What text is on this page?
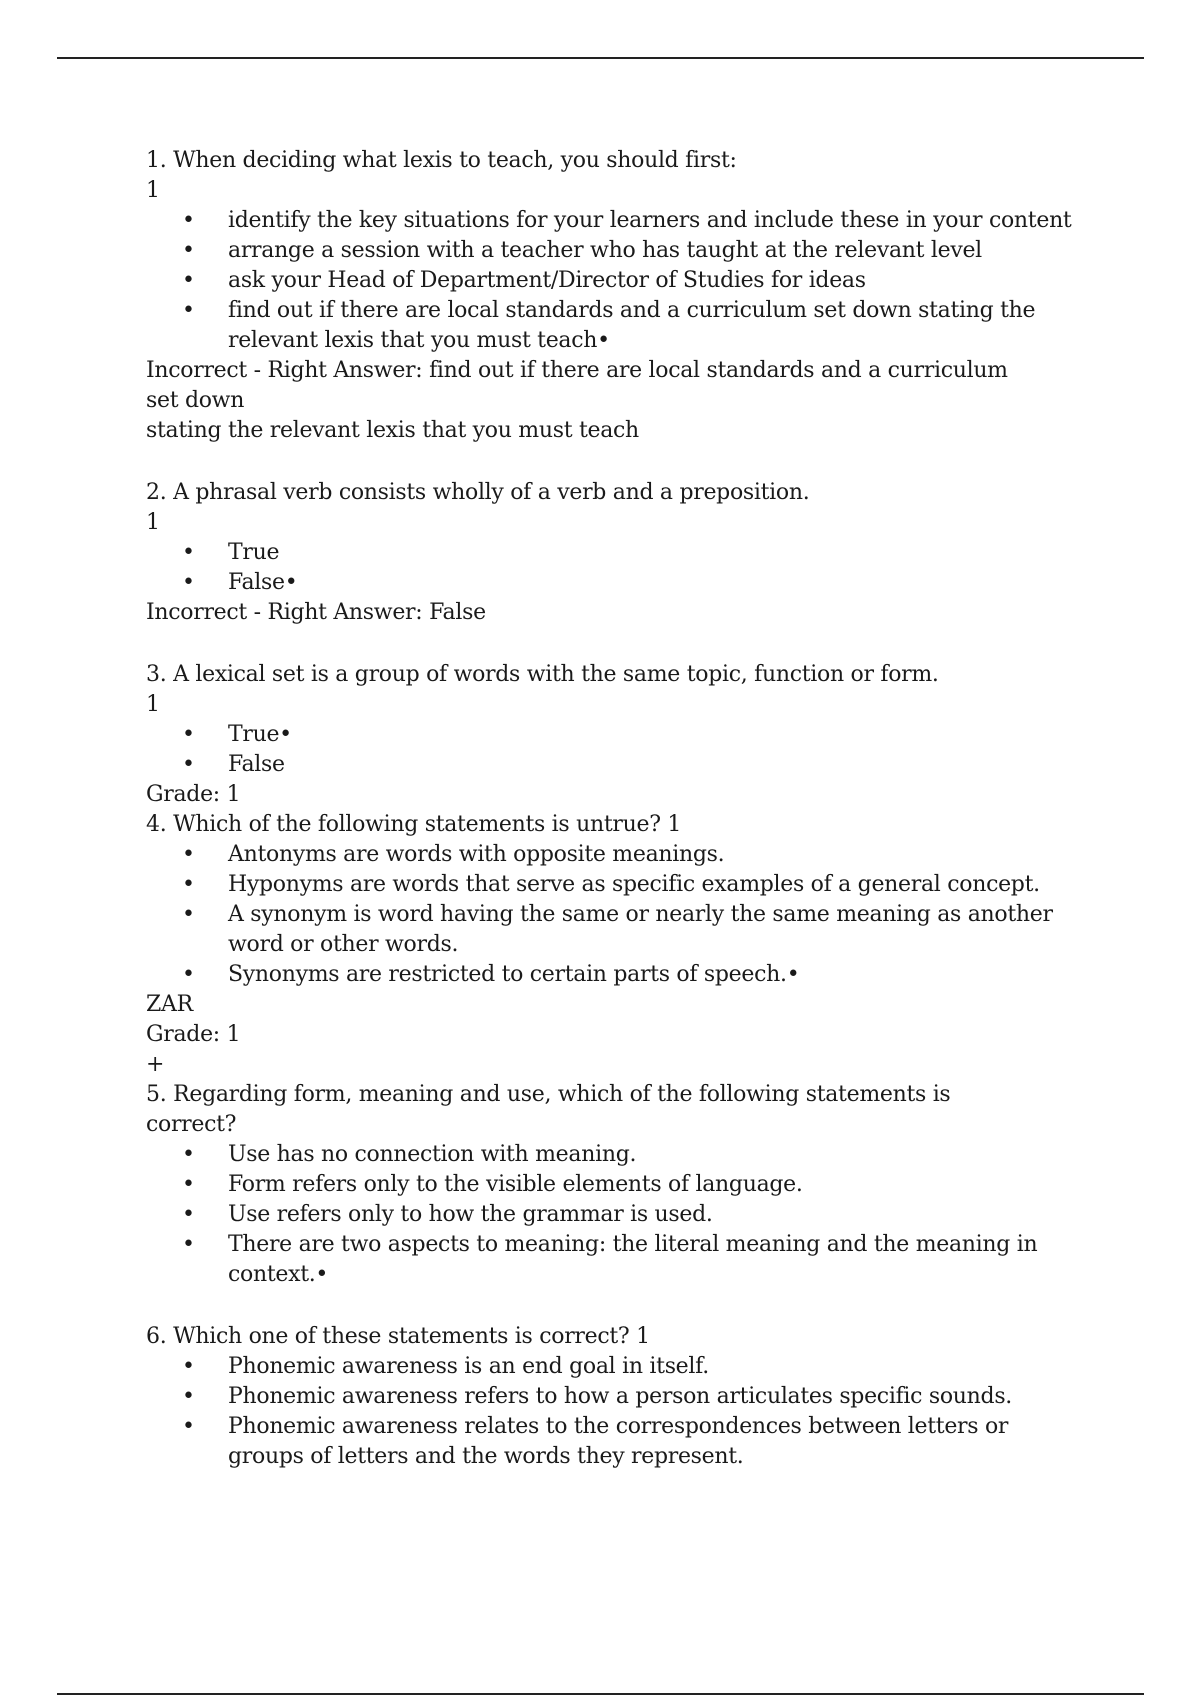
1. When deciding what lexis to teach, you should first:

1

•	identify the key situations for your learners and include these in your content
•	arrange a session with a teacher who has taught at the relevant level
•	ask your Head of Department/Director of Studies for ideas
•	find out if there are local standards and a curriculum set down stating the relevant lexis that you must teach•

Incorrect - Right Answer: find out if there are local standards and a curriculum

set down

stating the relevant lexis that you must teach

2. A phrasal verb consists wholly of a verb and a preposition.

1

•	True
•	False•

Incorrect - Right Answer: False

3. A lexical set is a group of words with the same topic, function or form.

1

•	True•
•	False

Grade: 1

4. Which of the following statements is untrue? 1

•	Antonyms are words with opposite meanings.
•	Hyponyms are words that serve as specific examples of a general concept.
•	A synonym is word having the same or nearly the same meaning as another word or other words.
•	Synonyms are restricted to certain parts of speech.•

ZAR

Grade: 1

+

5. Regarding form, meaning and use, which of the following statements is

correct?

•	Use has no connection with meaning.
•	Form refers only to the visible elements of language.
•	Use refers only to how the grammar is used.
•	There are two aspects to meaning: the literal meaning and the meaning in context.•

6. Which one of these statements is correct? 1

•	Phonemic awareness is an end goal in itself.
•	Phonemic awareness refers to how a person articulates specific sounds.
•	Phonemic awareness relates to the correspondences between letters or groups of letters and the words they represent.
